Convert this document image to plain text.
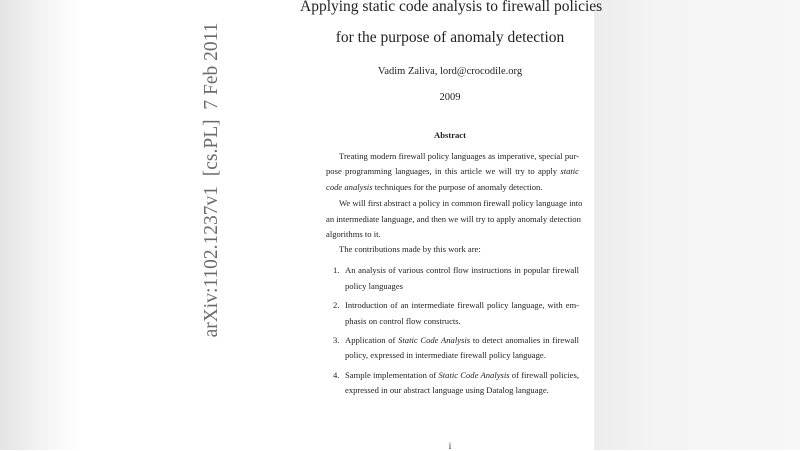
arXiv:1102.1237v1  [cs.PL]  7 Feb 2011
Applying static code analysis to firewall policies
for the purpose of anomaly detection
Vadim Zaliva, lord@crocodile.org
2009
Abstract
Treating modern firewall policy languages as imperative, special pur-
pose programming languages, in this article we will try to apply static
code analysis techniques for the purpose of anomaly detection.
We will first abstract a policy in common firewall policy language into
an intermediate language, and then we will try to apply anomaly detection
algorithms to it.
The contributions made by this work are:
1. An analysis of various control flow instructions in popular firewall
policy languages
2. Introduction of an intermediate firewall policy language, with em-
phasis on control flow constructs.
3. Application of Static Code Analysis to detect anomalies in firewall
policy, expressed in intermediate firewall policy language.
4. Sample implementation of Static Code Analysis of firewall policies,
expressed in our abstract language using Datalog language.
i
